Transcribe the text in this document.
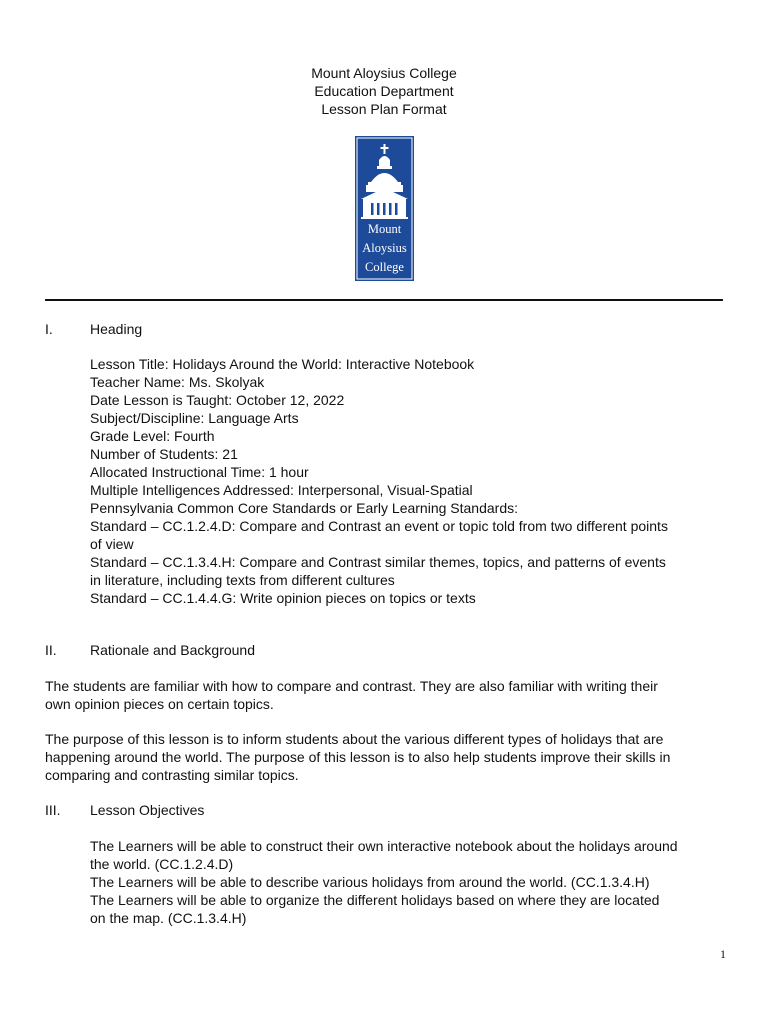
Mount Aloysius College
Education Department
Lesson Plan Format
Mount
Aloysius
College
I.	Heading
Lesson Title: Holidays Around the World: Interactive Notebook
Teacher Name: Ms. Skolyak
Date Lesson is Taught: October 12, 2022
Subject/Discipline: Language Arts
Grade Level: Fourth
Number of Students: 21
Allocated Instructional Time: 1 hour
Multiple Intelligences Addressed: Interpersonal, Visual-Spatial
Pennsylvania Common Core Standards or Early Learning Standards:
Standard – CC.1.2.4.D: Compare and Contrast an event or topic told from two different points
of view
Standard – CC.1.3.4.H: Compare and Contrast similar themes, topics, and patterns of events
in literature, including texts from different cultures
Standard – CC.1.4.4.G: Write opinion pieces on topics or texts
II. Rationale and Background
The students are familiar with how to compare and contrast. They are also familiar with writing their
own opinion pieces on certain topics.
The purpose of this lesson is to inform students about the various different types of holidays that are
happening around the world. The purpose of this lesson is to also help students improve their skills in
comparing and contrasting similar topics.
III. Lesson Objectives
The Learners will be able to construct their own interactive notebook about the holidays around
the world. (CC.1.2.4.D)
The Learners will be able to describe various holidays from around the world. (CC.1.3.4.H)
The Learners will be able to organize the different holidays based on where they are located
on the map. (CC.1.3.4.H)
1
